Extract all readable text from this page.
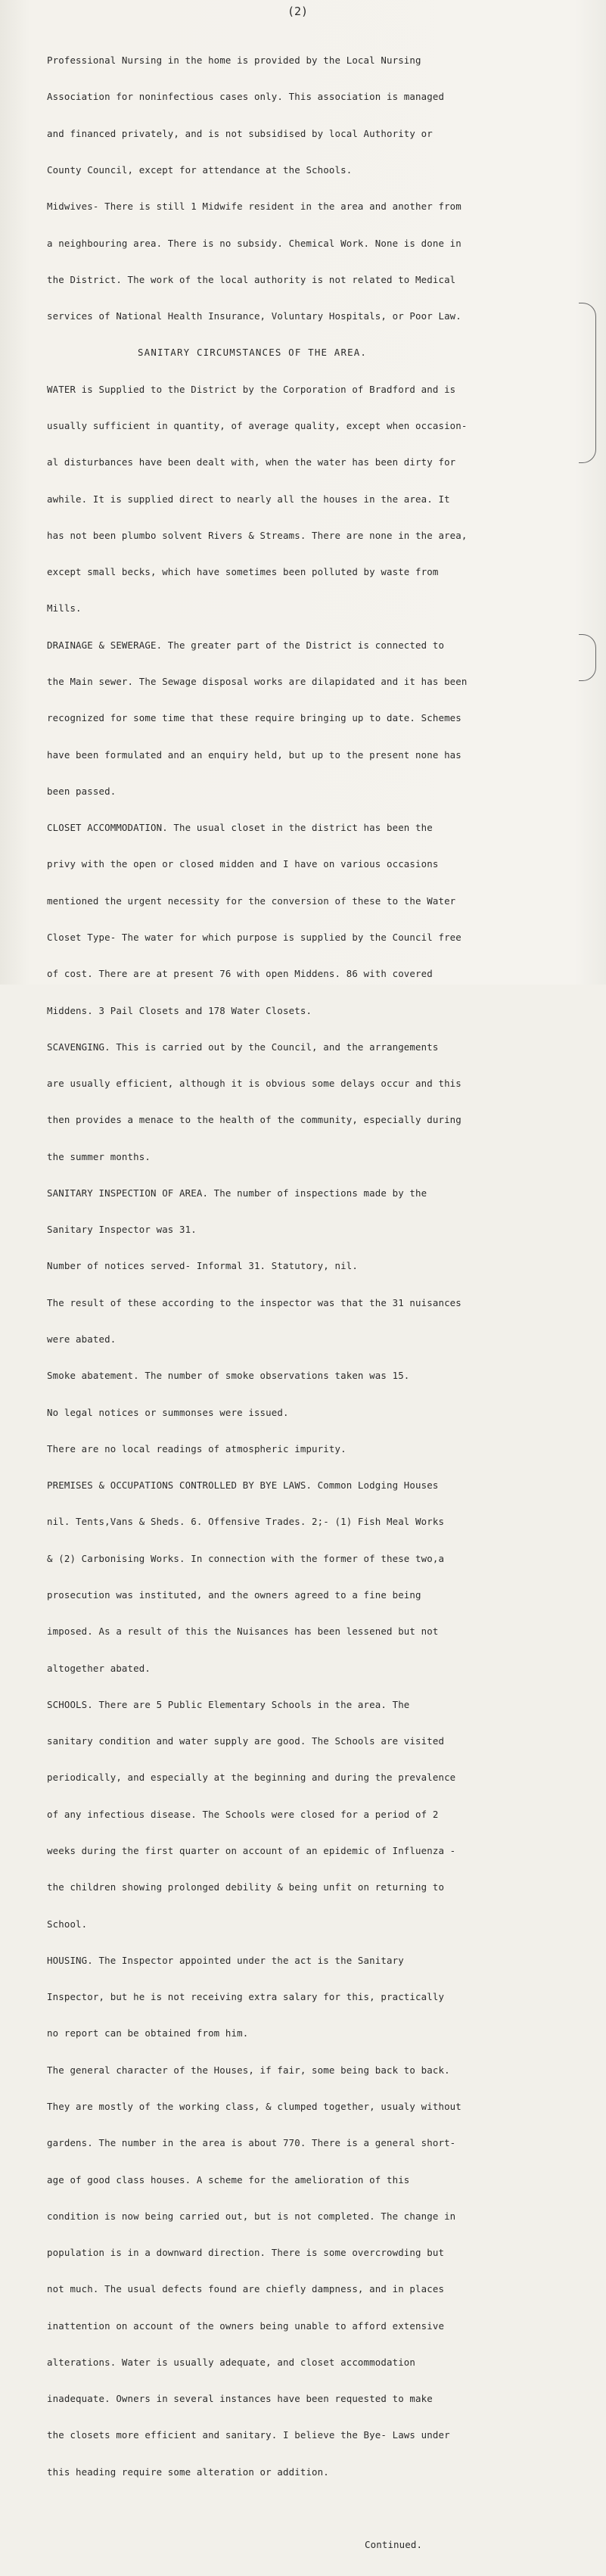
(2)

Professional Nursing in the home is provided by the Local Nursing

Association for noninfectious cases only. This association is managed

and financed privately, and is not subsidised by local Authority or

County Council, except for attendance at the Schools.

Midwives- There is still 1 Midwife resident in the area and another from

a neighbouring area. There is no subsidy. Chemical Work. None is done in

the District. The work of the local authority is not related to Medical

services of National Health Insurance, Voluntary Hospitals, or Poor Law.

SANITARY CIRCUMSTANCES OF THE AREA.

WATER is Supplied to the District by the Corporation of Bradford and is

usually sufficient in quantity, of average quality, except when occasion-

al disturbances have been dealt with, when the water has been dirty for

awhile. It is supplied direct to nearly all the houses in the area. It

has not been plumbo solvent Rivers & Streams. There are none in the area,

except small becks, which have sometimes been polluted by waste from

Mills.

DRAINAGE & SEWERAGE. The greater part of the District is connected to

the Main sewer. The Sewage disposal works are dilapidated and it has been

recognized for some time that these require bringing up to date. Schemes

have been formulated and an enquiry held, but up to the present none has

been passed.

CLOSET ACCOMMODATION. The usual closet in the district has been the

privy with the open or closed midden and I have on various occasions

mentioned the urgent necessity for the conversion of these to the Water

Closet Type- The water for which purpose is supplied by the Council free

of cost. There are at present 76 with open Middens. 86 with covered

Middens. 3 Pail Closets and 178 Water Closets.

SCAVENGING. This is carried out by the Council, and the arrangements

are usually efficient, although it is obvious some delays occur and this

then provides a menace to the health of the community, especially during

the summer months.

SANITARY INSPECTION OF AREA. The number of inspections made by the

Sanitary Inspector was 31.

Number of notices served- Informal 31. Statutory, nil.

The result of these according to the inspector was that the 31 nuisances

were abated.

Smoke abatement. The number of smoke observations taken was 15.

No legal notices or summonses were issued.

There are no local readings of atmospheric impurity.

PREMISES & OCCUPATIONS CONTROLLED BY BYE LAWS. Common Lodging Houses

nil. Tents,Vans & Sheds. 6. Offensive Trades. 2;- (1) Fish Meal Works

& (2) Carbonising Works. In connection with the former of these two,a

prosecution was instituted, and the owners agreed to a fine being

imposed. As a result of this the Nuisances has been lessened but not

altogether abated.

SCHOOLS. There are 5 Public Elementary Schools in the area. The

sanitary condition and water supply are good. The Schools are visited

periodically, and especially at the beginning and during the prevalence

of any infectious disease. The Schools were closed for a period of 2

weeks during the first quarter on account of an epidemic of Influenza -

the children showing prolonged debility & being unfit on returning to

School.

HOUSING. The Inspector appointed under the act is the Sanitary

Inspector, but he is not receiving extra salary for this, practically

no report can be obtained from him.

The general character of the Houses, if fair, some being back to back.

They are mostly of the working class, & clumped together, usualy without

gardens. The number in the area is about 770. There is a general short-

age of good class houses. A scheme for the amelioration of this

condition is now being carried out, but is not completed. The change in

population is in a downward direction. There is some overcrowding but

not much. The usual defects found are chiefly dampness, and in places

inattention on account of the owners being unable to afford extensive

alterations. Water is usually adequate, and closet accommodation

inadequate. Owners in several instances have been requested to make

the closets more efficient and sanitary. I believe the Bye- Laws under

this heading require some alteration or addition.

Continued.
